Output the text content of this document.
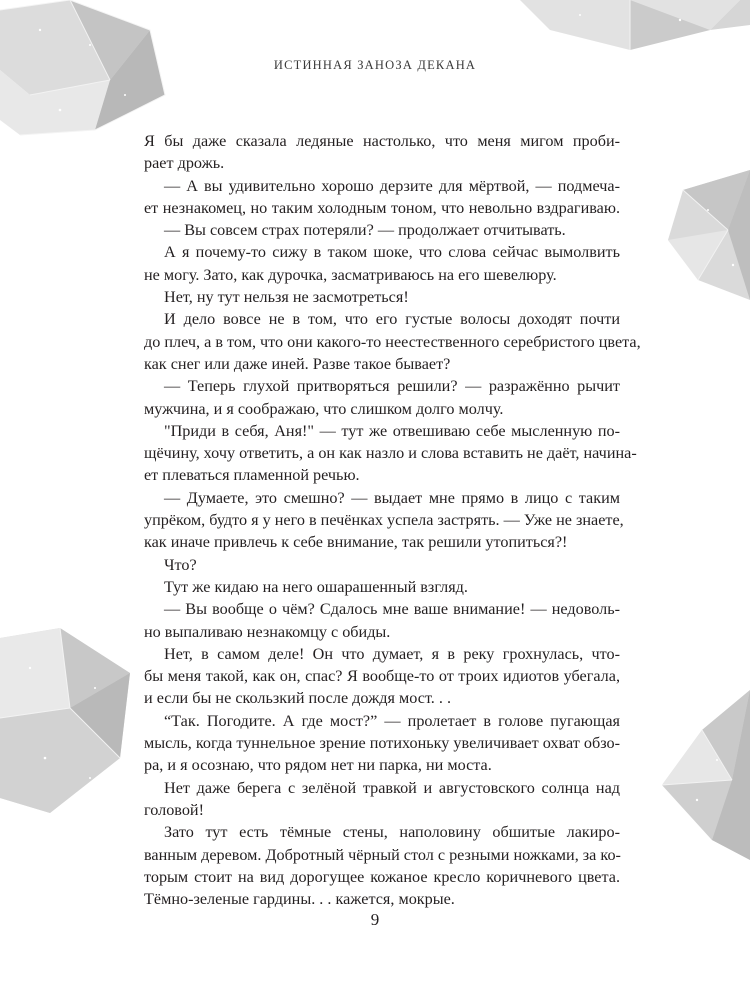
ИСТИННАЯ ЗАНОЗА ДЕКАНА
Я бы даже сказала ледяные настолько, что меня мигом проби-
рает дрожь.
— А вы удивительно хорошо дерзите для мёртвой, — подмеча-
ет незнакомец, но таким холодным тоном, что невольно вздрагиваю.
— Вы совсем страх потеряли? — продолжает отчитывать.
А я почему-то сижу в таком шоке, что слова сейчас вымолвить
не могу. Зато, как дурочка, засматриваюсь на его шевелюру.
Нет, ну тут нельзя не засмотреться!
И дело вовсе не в том, что его густые волосы доходят почти
до плеч, а в том, что они какого-то неестественного серебристого цвета,
как снег или даже иней. Разве такое бывает?
— Теперь глухой притворяться решили? — разражённо рычит
мужчина, и я соображаю, что слишком долго молчу.
"Приди в себя, Аня!" — тут же отвешиваю себе мысленную по-
щёчину, хочу ответить, а он как назло и слова вставить не даёт, начина-
ет плеваться пламенной речью.
— Думаете, это смешно? — выдает мне прямо в лицо с таким
упрёком, будто я у него в печёнках успела застрять. — Уже не знаете,
как иначе привлечь к себе внимание, так решили утопиться?!
Что?
Тут же кидаю на него ошарашенный взгляд.
— Вы вообще о чём? Сдалось мне ваше внимание! — недоволь-
но выпаливаю незнакомцу с обиды.
Нет, в самом деле! Он что думает, я в реку грохнулась, что-
бы меня такой, как он, спас? Я вообще-то от троих идиотов убегала,
и если бы не скользкий после дождя мост. . .
“Так. Погодите. А где мост?” — пролетает в голове пугающая
мысль, когда туннельное зрение потихоньку увеличивает охват обзо-
ра, и я осознаю, что рядом нет ни парка, ни моста.
Нет даже берега с зелёной травкой и августовского солнца над
головой!
Зато тут есть тёмные стены, наполовину обшитые лакиро-
ванным деревом. Добротный чёрный стол с резными ножками, за ко-
торым стоит на вид дорогущее кожаное кресло коричневого цвета.
Тёмно-зеленые гардины. . . кажется, мокрые.
9
